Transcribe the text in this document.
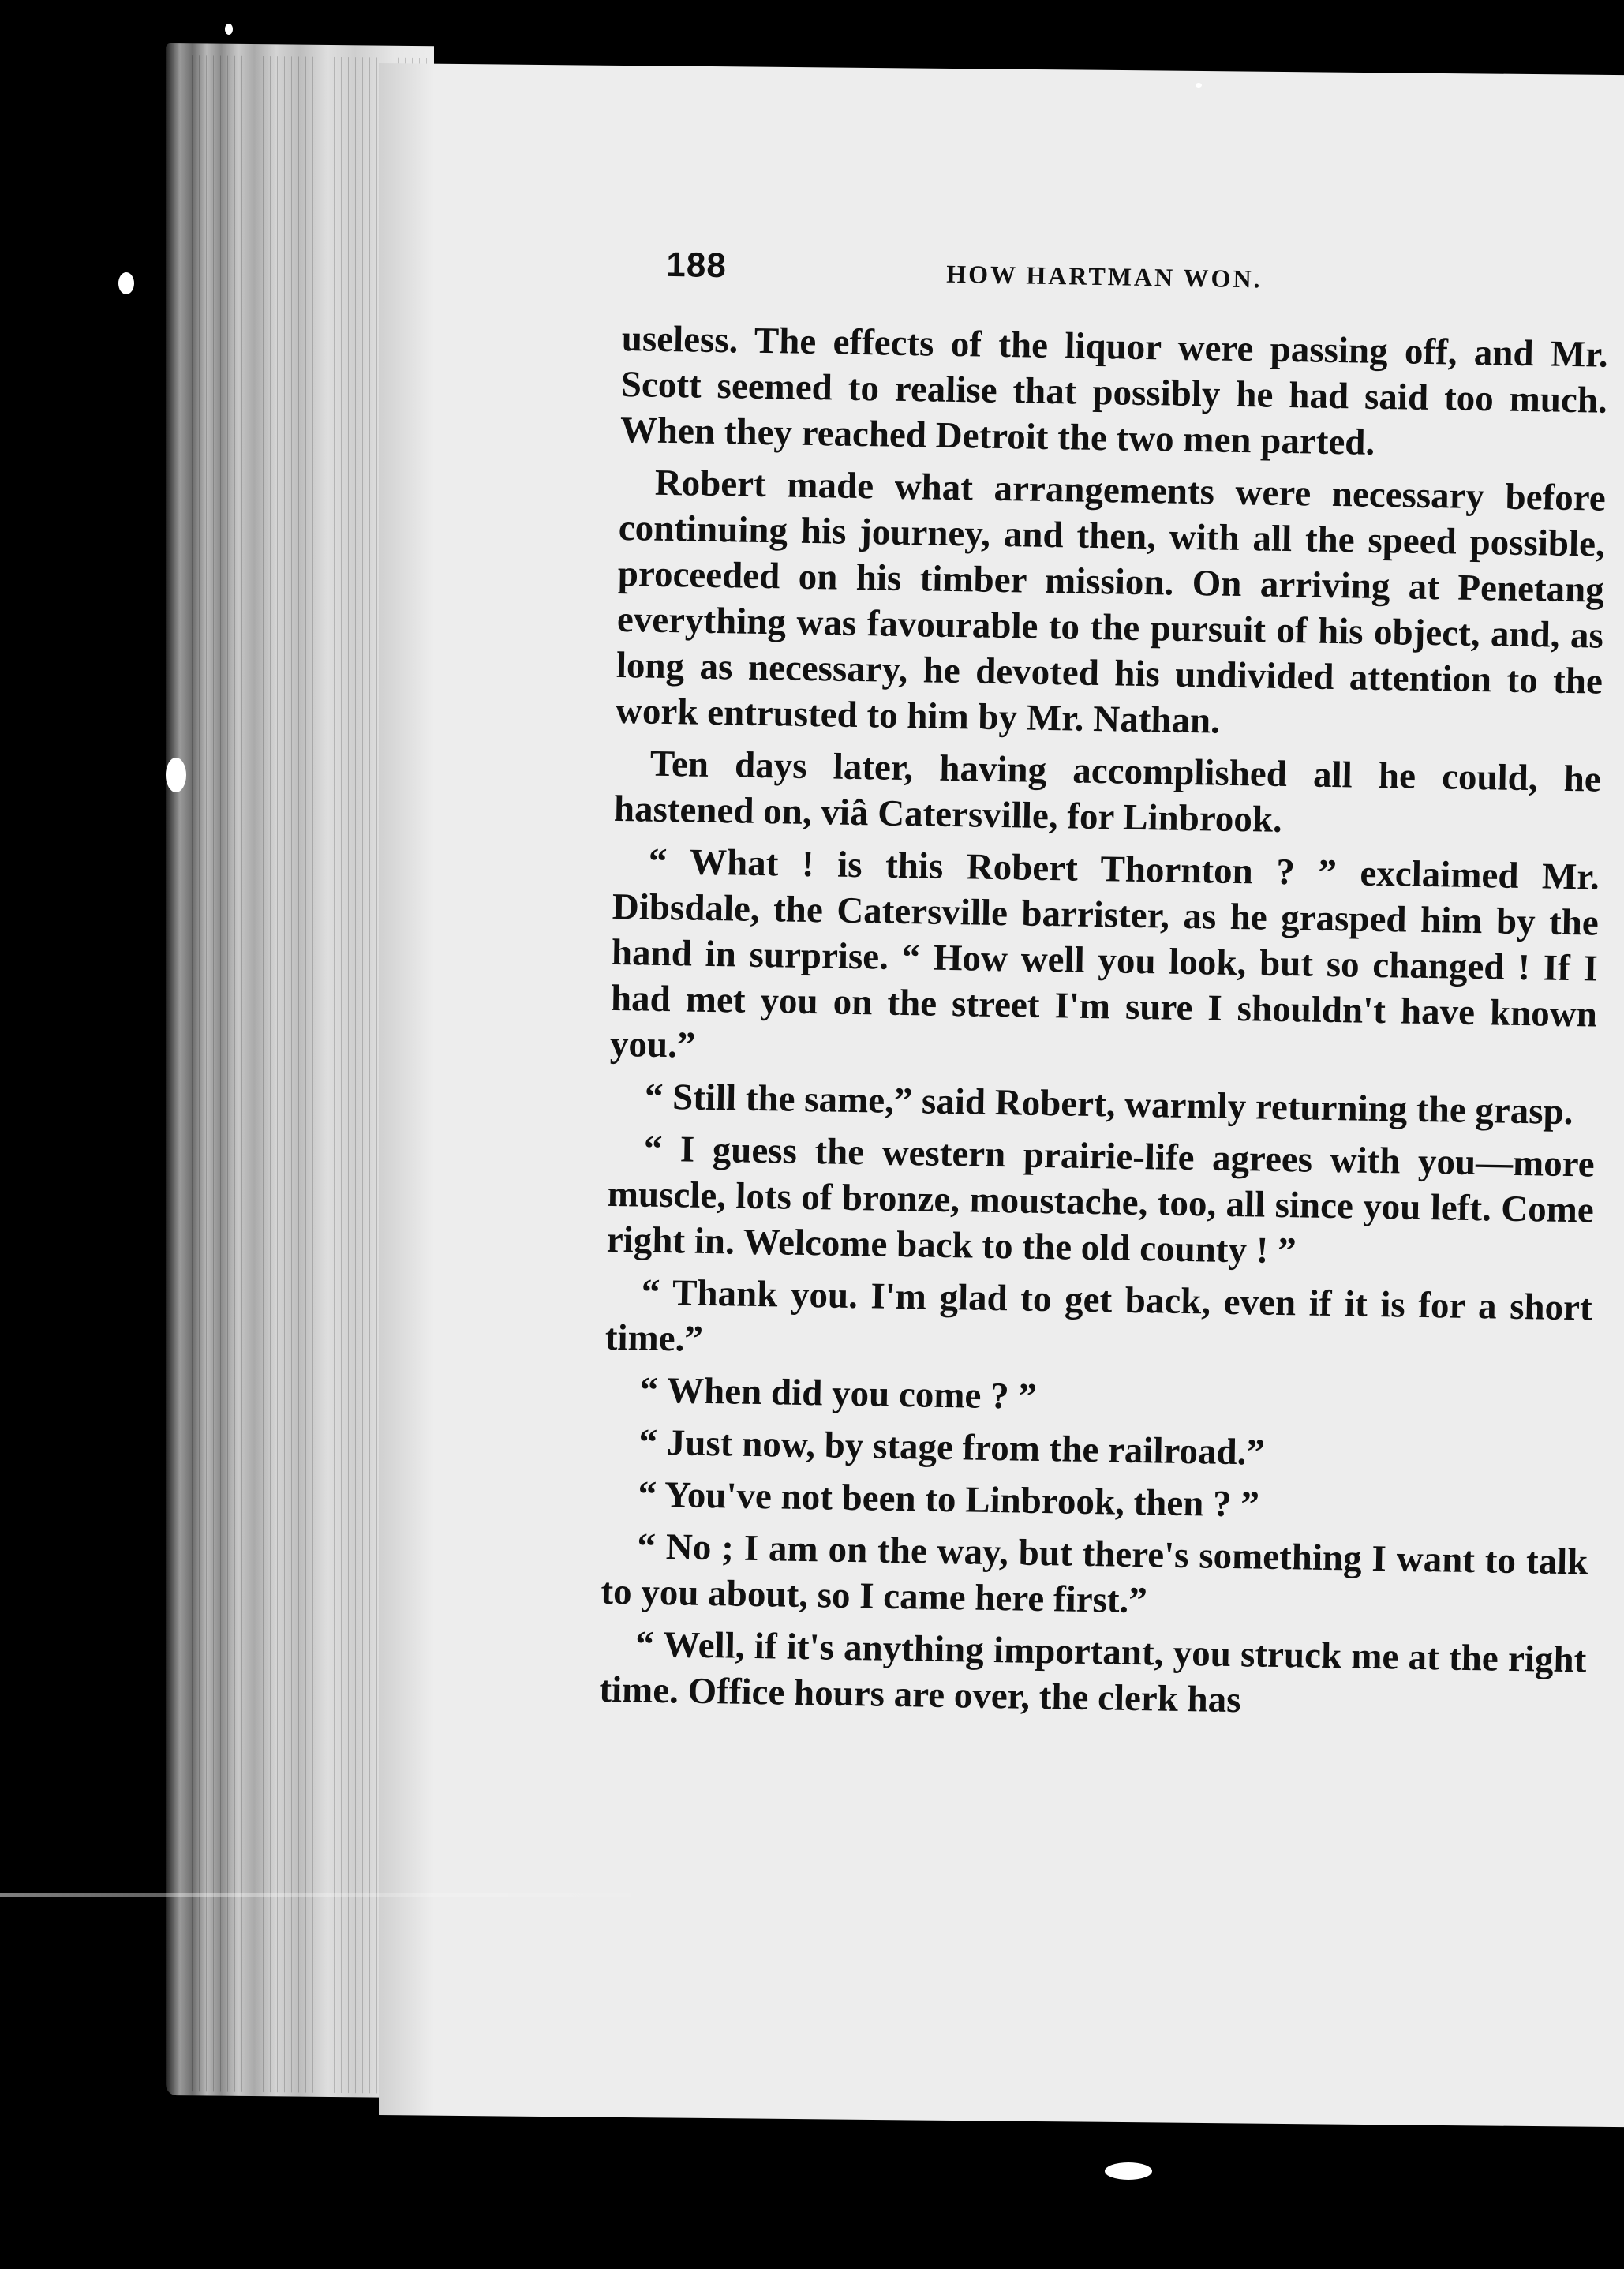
188	HOW HARTMAN WON.

useless. The effects of the liquor were passing off, and Mr. Scott seemed to realise that possibly he had said too much. When they reached Detroit the two men parted.

Robert made what arrangements were necessary before continuing his journey, and then, with all the speed possible, proceeded on his timber mission. On arriving at Penetang everything was favourable to the pursuit of his object, and, as long as necessary, he devoted his undivided attention to the work entrusted to him by Mr. Nathan.

Ten days later, having accomplished all he could, he hastened on, viâ Catersville, for Linbrook.

“ What ! is this Robert Thornton ? ” exclaimed Mr. Dibsdale, the Catersville barrister, as he grasped him by the hand in surprise. “ How well you look, but so changed ! If I had met you on the street I'm sure I shouldn't have known you.”

“ Still the same,” said Robert, warmly returning the grasp.

“ I guess the western prairie-life agrees with you—more muscle, lots of bronze, moustache, too, all since you left. Come right in. Welcome back to the old county ! ”

“ Thank you. I'm glad to get back, even if it is for a short time.”

“ When did you come ? ”

“ Just now, by stage from the railroad.”

“ You've not been to Linbrook, then ? ”

“ No ; I am on the way, but there's something I want to talk to you about, so I came here first.”

“ Well, if it's anything important, you struck me at the right time. Office hours are over, the clerk has
